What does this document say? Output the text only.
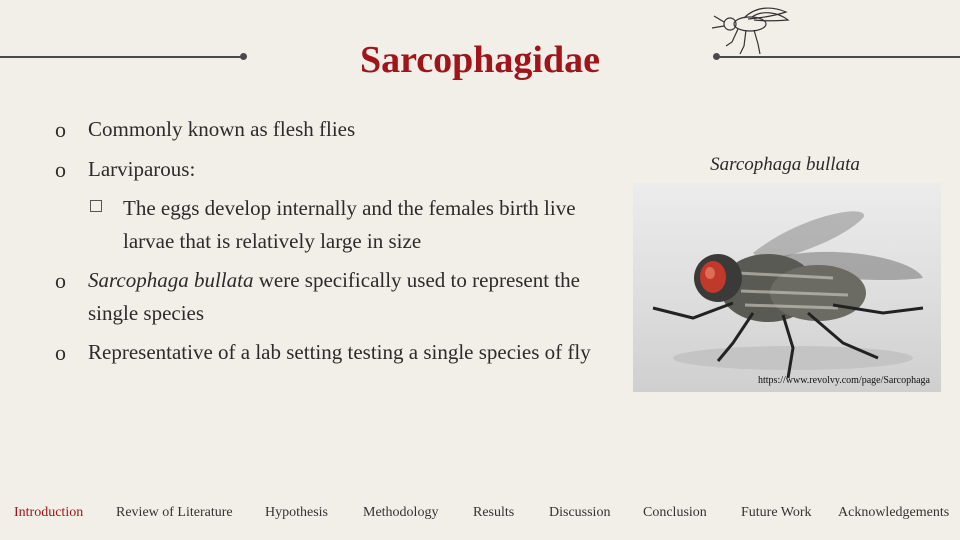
Sarcophagidae
o Commonly known as flesh flies
o Larviparous:
The eggs develop internally and the females birth live larvae that is relatively large in size
o Sarcophaga bullata were specifically used to represent the single species
o Representative of a lab setting testing a single species of fly
Sarcophaga bullata
https://www.revolvy.com/page/Sarcophaga
Introduction Review of Literature Hypothesis	Methodology Results Discussion Conclusion Future Work Acknowledgements
